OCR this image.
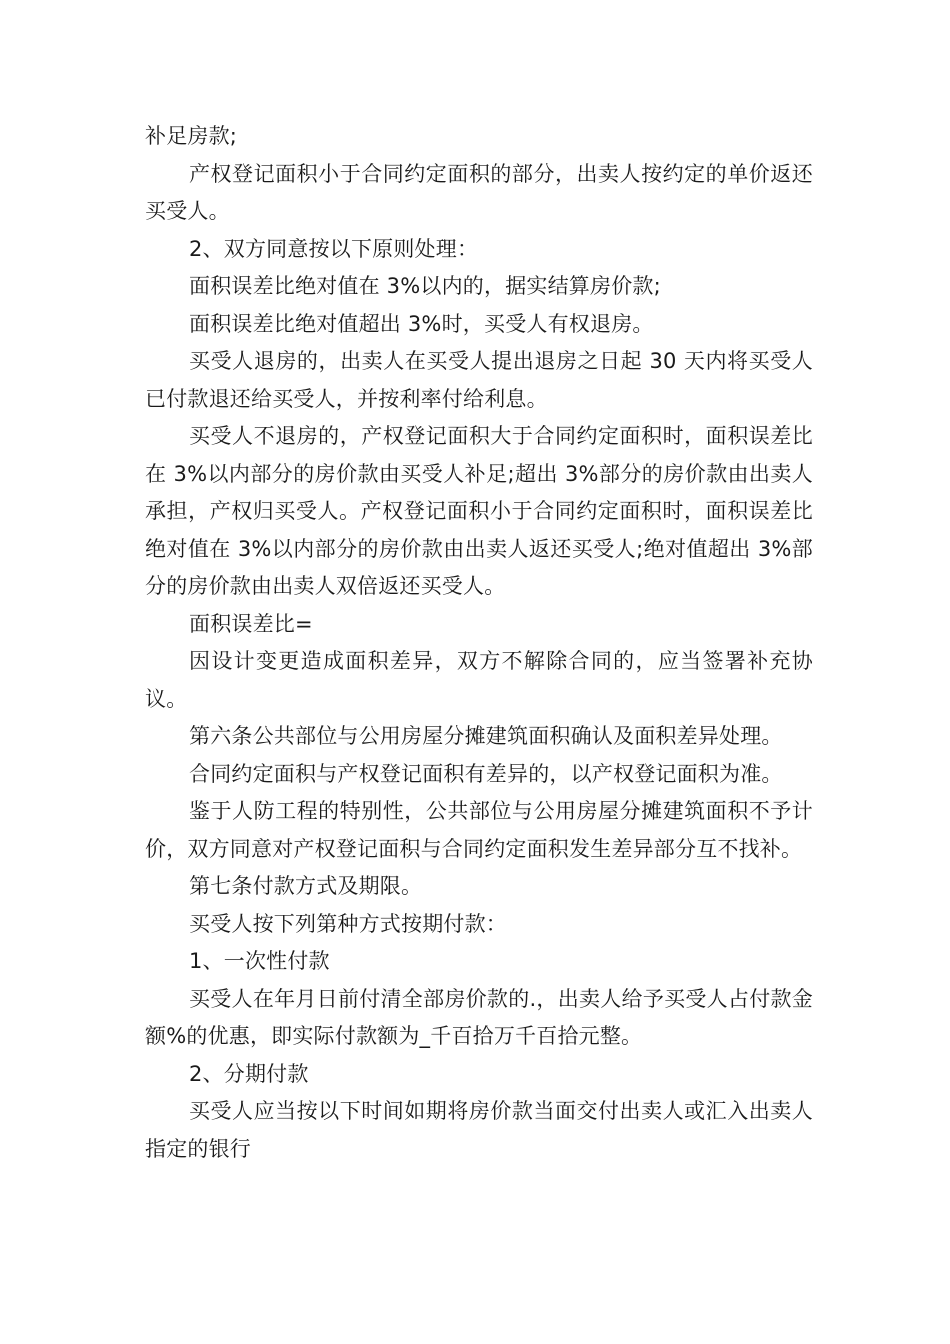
补足房款;

产权登记面积小于合同约定面积的部分，出卖人按约定的单价返还买受人。

2、双方同意按以下原则处理：

面积误差比绝对值在 3%以内的，据实结算房价款;

面积误差比绝对值超出 3%时，买受人有权退房。

买受人退房的，出卖人在买受人提出退房之日起 30 天内将买受人已付款退还给买受人，并按利率付给利息。

买受人不退房的，产权登记面积大于合同约定面积时，面积误差比在 3%以内部分的房价款由买受人补足;超出 3%部分的房价款由出卖人承担，产权归买受人。产权登记面积小于合同约定面积时，面积误差比绝对值在 3%以内部分的房价款由出卖人返还买受人;绝对值超出 3%部分的房价款由出卖人双倍返还买受人。

面积误差比=

因设计变更造成面积差异，双方不解除合同的，应当签署补充协议。

第六条公共部位与公用房屋分摊建筑面积确认及面积差异处理。

合同约定面积与产权登记面积有差异的，以产权登记面积为准。

鉴于人防工程的特别性，公共部位与公用房屋分摊建筑面积不予计价，双方同意对产权登记面积与合同约定面积发生差异部分互不找补。

第七条付款方式及期限。

买受人按下列第种方式按期付款：

1、一次性付款

买受人在年月日前付清全部房价款的.，出卖人给予买受人占付款金额%的优惠，即实际付款额为_千百拾万千百拾元整。

2、分期付款

买受人应当按以下时间如期将房价款当面交付出卖人或汇入出卖人指定的银行
